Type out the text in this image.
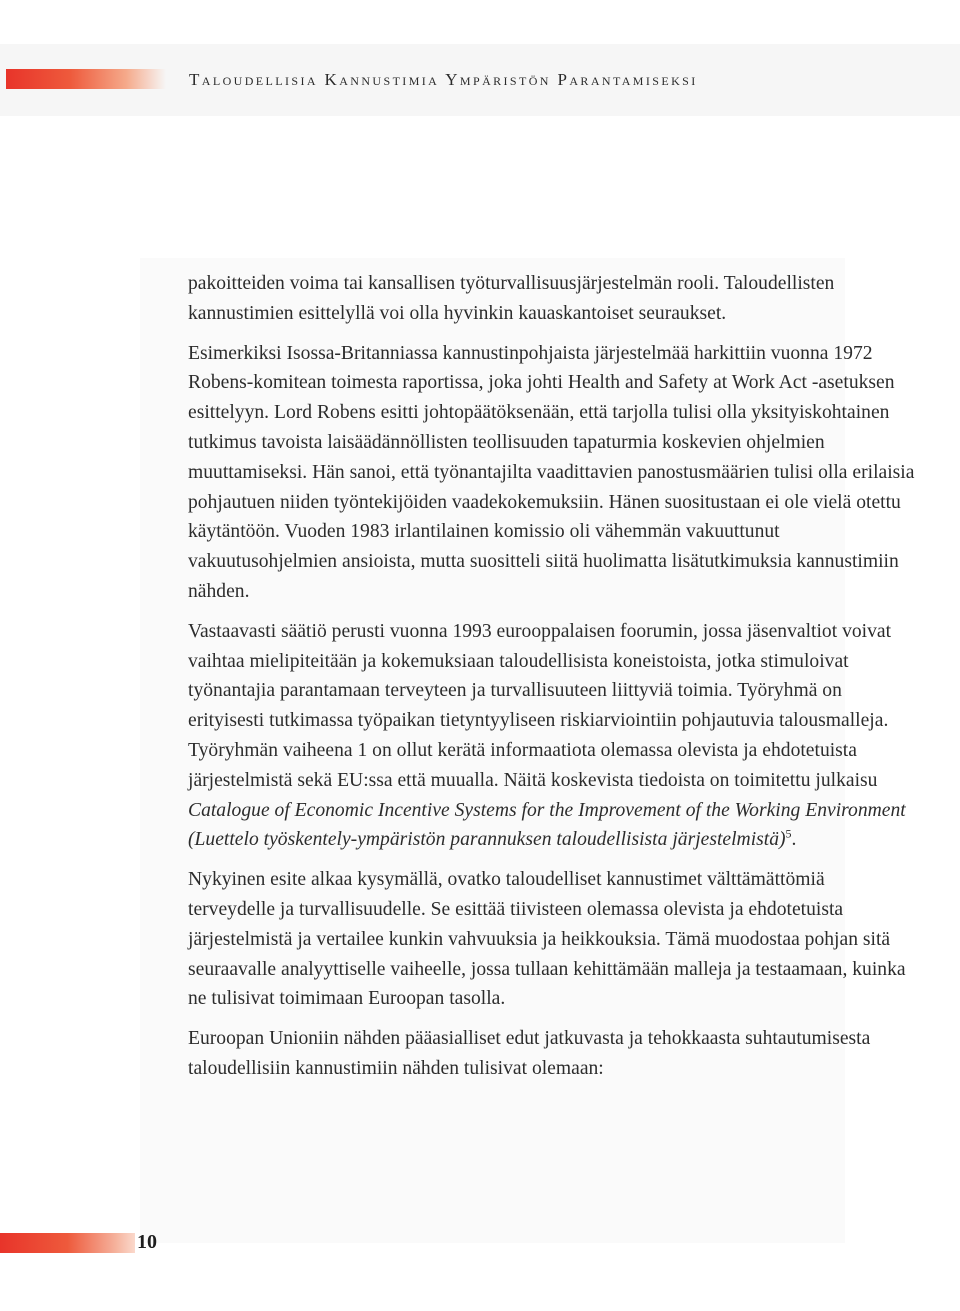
Taloudellisia Kannustimia Ympäristön Parantamiseksi

pakoitteiden voima tai kansallisen työturvallisuusjärjestelmän rooli. Taloudellisten kannustimien esittelyllä voi olla hyvinkin kauaskantoiset seuraukset.

Esimerkiksi Isossa-Britanniassa kannustinpohjaista järjestelmää harkittiin vuonna 1972 Robens-komitean toimesta raportissa, joka johti Health and Safety at Work Act -asetuksen esittelyyn. Lord Robens esitti johtopäätöksenään, että tarjolla tulisi olla yksityiskohtainen tutkimus tavoista laisäädännöllisten teollisuuden tapaturmia koskevien ohjelmien muuttamiseksi. Hän sanoi, että työnantajilta vaadittavien panostusmäärien tulisi olla erilaisia pohjautuen niiden työntekijöiden vaadekokemuksiin. Hänen suositustaan ei ole vielä otettu käytäntöön. Vuoden 1983 irlantilainen komissio oli vähemmän vakuuttunut vakuutusohjelmien ansioista, mutta suositteli siitä huolimatta lisätutkimuksia kannustimiin nähden.

Vastaavasti säätiö perusti vuonna 1993 eurooppalaisen foorumin, jossa jäsenvaltiot voivat vaihtaa mielipiteitään ja kokemuksiaan taloudellisista koneistoista, jotka stimuloivat työnantajia parantamaan terveyteen ja turvallisuuteen liittyviä toimia. Työryhmä on erityisesti tutkimassa työpaikan tietyntyyliseen riskiarviointiin pohjautuvia talousmalleja. Työryhmän vaiheena 1 on ollut kerätä informaatiota olemassa olevista ja ehdotetuista järjestelmistä sekä EU:ssa että muualla. Näitä koskevista tiedoista on toimitettu julkaisu Catalogue of Economic Incentive Systems for the Improvement of the Working Environment (Luettelo työskentely-ympäristön parannuksen taloudellisista järjestelmistä)$^5$.

Nykyinen esite alkaa kysymällä, ovatko taloudelliset kannustimet välttämättömiä terveydelle ja turvallisuudelle. Se esittää tiivisteen olemassa olevista ja ehdotetuista järjestelmistä ja vertailee kunkin vahvuuksia ja heikkouksia. Tämä muodostaa pohjan sitä seuraavalle analyyttiselle vaiheelle, jossa tullaan kehittämään malleja ja testaamaan, kuinka ne tulisivat toimimaan Euroopan tasolla.

Euroopan Unioniin nähden pääasialliset edut jatkuvasta ja tehokkaasta suhtautumisesta taloudellisiin kannustimiin nähden tulisivat olemaan:

10
